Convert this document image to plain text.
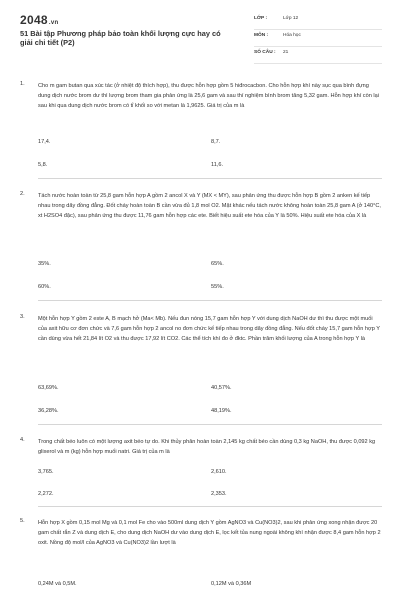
2048.vn
51 Bài tập Phương pháp bảo toàn khối lượng cực hay có giải chi tiết (P2)
LỚP :	Lớp 12
MÔN :	Hóa học
SỐ CÂU : 21
1. Cho m gam butan qua xúc tác (ở nhiệt độ thích hợp), thu được hỗn hợp gồm 5 hiđrocacbon. Cho hỗn hợp khí này sục qua bình đựng dung dịch nước brom dư thì lượng brom tham gia phản ứng là 25,6 gam và sau thí nghiệm bình brom tăng 5,32 gam. Hỗn hợp khí còn lại sau khi qua dung dịch nước brom có tỉ khối so với metan là 1,9625. Giá trị của m là
17,4.	8,7.
5,8.	11,6.
2. Tách nước hoàn toàn từ 25,8 gam hỗn hợp A gồm 2 ancol X và Y (MX < MY), sau phản ứng thu được hỗn hợp B gồm 2 anken kế tiếp nhau trong dãy đồng đẳng. Đốt cháy hoàn toàn B cần vừa đủ 1,8 mol O2. Mặt khác nếu tách nước không hoàn toàn 25,8 gam A (ở 140°C, xt H2SO4 đặc), sau phản ứng thu được 11,76 gam hỗn hợp các ete. Biết hiệu suất ete hóa của Y là 50%. Hiệu suất ete hóa của X là
35%.	65%.
60%.	55%.
3. Một hỗn hợp Y gồm 2 este A, B mạch hở (Ma< Mb). Nếu đun nóng 15,7 gam hỗn hợp Y với dung dịch NaOH dư thì thu được một muối của axit hữu cơ đơn chức và 7,6 gam hỗn hợp 2 ancol no đơn chức kế tiếp nhau trong dãy đồng đẳng. Nếu đốt cháy 15,7 gam hỗn hợp Y cần dùng vừa hết 21,84 lít O2 và thu được 17,92 lít CO2. Các thể tích khí đo ở đktc. Phần trăm khối lượng của A trong hỗn hợp Y là
63,69%.	40,57%.
36,28%.	48,19%.
4. Trong chất béo luôn có một lượng axit béo tự do. Khi thủy phân hoàn toàn 2,145 kg chất béo cần dùng 0,3 kg NaOH, thu được 0,092 kg glixerol và m (kg) hỗn hợp muối natri. Giá trị của m là
3,765.	2,610.
2,272.	2,353.
5. Hỗn hợp X gồm 0,15 mol Mg và 0,1 mol Fe cho vào 500ml dung dịch Y gồm AgNO3 và Cu(NO3)2, sau khi phản ứng xong nhận được 20 gam chất rắn Z và dung dịch E, cho dung dịch NaOH dư vào dung dịch E, lọc kết tủa nung ngoài không khí nhận được 8,4 gam hỗn hợp 2 oxit. Nồng độ mol/l của AgNO3 và Cu(NO3)2 lần lượt là
0,24M và 0,5M.	0,12M và 0,36M
